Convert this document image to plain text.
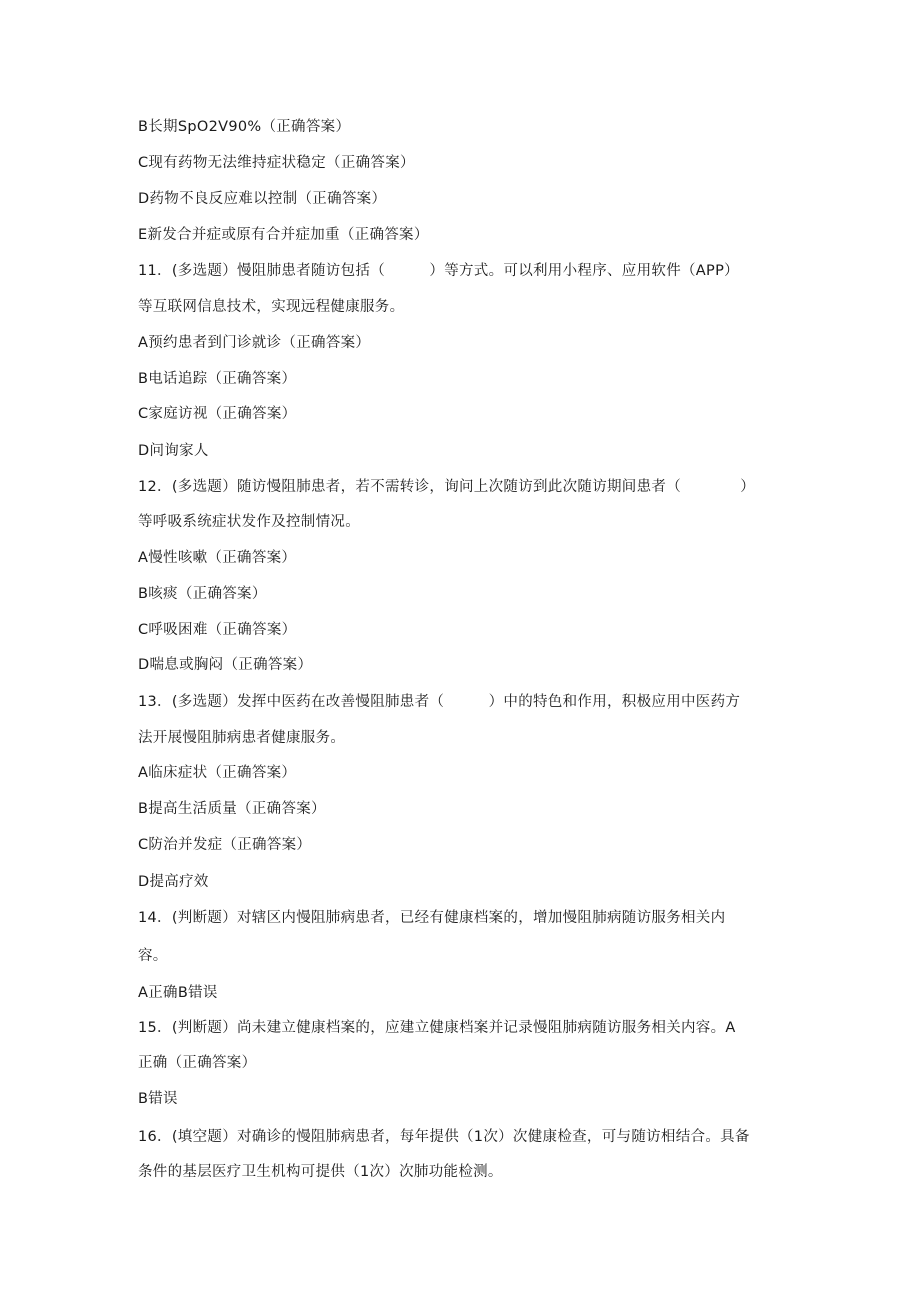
B长期SpO2V90%（正确答案）
C现有药物无法维持症状稳定（正确答案）
D药物不良反应难以控制（正确答案）
E新发合并症或原有合并症加重（正确答案）
11．(多选题）慢阻肺患者随访包括（　　　）等方式。可以利用小程序、应用软件（APP）
等互联网信息技术，实现远程健康服务。
A预约患者到门诊就诊（正确答案）
B电话追踪（正确答案）
C家庭访视（正确答案）
D问询家人
12．(多选题）随访慢阻肺患者，若不需转诊，询问上次随访到此次随访期间患者（　　　　）
等呼吸系统症状发作及控制情况。
A慢性咳嗽（正确答案）
B咳痰（正确答案）
C呼吸困难（正确答案）
D喘息或胸闷（正确答案）
13．(多选题）发挥中医药在改善慢阻肺患者（　　　）中的特色和作用，积极应用中医药方
法开展慢阻肺病患者健康服务。
A临床症状（正确答案）
B提高生活质量（正确答案）
C防治并发症（正确答案）
D提高疗效
14．(判断题）对辖区内慢阻肺病患者，已经有健康档案的，增加慢阻肺病随访服务相关内
容。
A正确B错误
15．(判断题）尚未建立健康档案的，应建立健康档案并记录慢阻肺病随访服务相关内容。A
正确（正确答案）
B错误
16．(填空题）对确诊的慢阻肺病患者，每年提供（1次）次健康检查，可与随访相结合。具备
条件的基层医疗卫生机构可提供（1次）次肺功能检测。
